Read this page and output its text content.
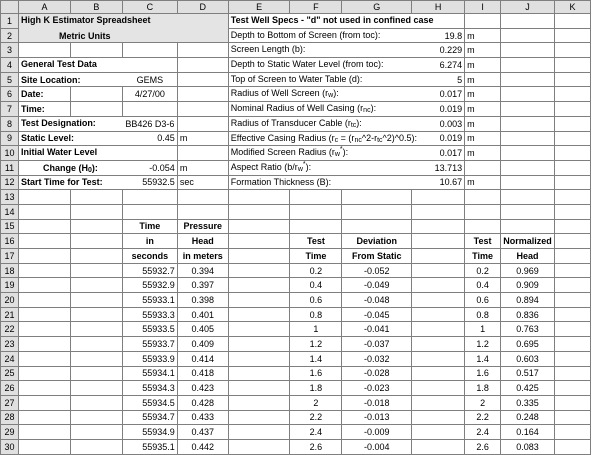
	A	B	C	D	E	F	G	H	I	J	K
1	High K Estimator Spreadsheet				Test Well Specs - "d" not used in confined case						

2	Metric Units				Depth to Bottom of Screen (from toc):			19.8	m		
3					Screen Length (b):			0.229	m		
4	General Test Data				Depth to Static Water Level (from toc):			6.274	m		
5	Site Location:		GEMS		Top of Screen to Water Table (d):			5	m		
6	Date:		4/27/00		Radius of Well Screen $(r_w)$:			0.017	m		
7	Time:				Nominal Radius of Well Casing $(r_{nc})$:			0.019	m		
8	Test Designation:		BB426 D3-6		Radius of Transducer Cable $(r_{tc})$:			0.003	m		
9	Static Level:		0.45	m	Effective Casing Radius ($r_c$ = $(r_{nc}\^{}2-r_{tc}\^{}2)\^{}0.5$):			0.019	m		
10	Initial Water Level				Modified Screen Radius $(r_w^*)$:			0.017	m		
11	Change $(H_0)$:		-0.054	m	Aspect Ratio $(b/r_w^*)$:			13.713			
12	Start Time for Test:		55932.5	sec	Formation Thickness (B):			10.67	m		
13											
14											
15			Time	Pressure							
16			in	Head		Test	Deviation		Test	Normalized	
17			seconds	in meters		Time	From Static		Time	Head	
18			55932.7	0.394		0.2	-0.052		0.2	0.969	
19			55932.9	0.397		0.4	-0.049		0.4	0.909	
20			55933.1	0.398		0.6	-0.048		0.6	0.894	
21			55933.3	0.401		0.8	-0.045		0.8	0.836	
22			55933.5	0.405		1	-0.041		1	0.763	
23			55933.7	0.409		1.2	-0.037		1.2	0.695	
24			55933.9	0.414		1.4	-0.032		1.4	0.603	
25			55934.1	0.418		1.6	-0.028		1.6	0.517	
26			55934.3	0.423		1.8	-0.023		1.8	0.425	
27			55934.5	0.428		2	-0.018		2	0.335	
28			55934.7	0.433		2.2	-0.013		2.2	0.248	
29			55934.9	0.437		2.4	-0.009		2.4	0.164	
30			55935.1	0.442		2.6	-0.004		2.6	0.083	
